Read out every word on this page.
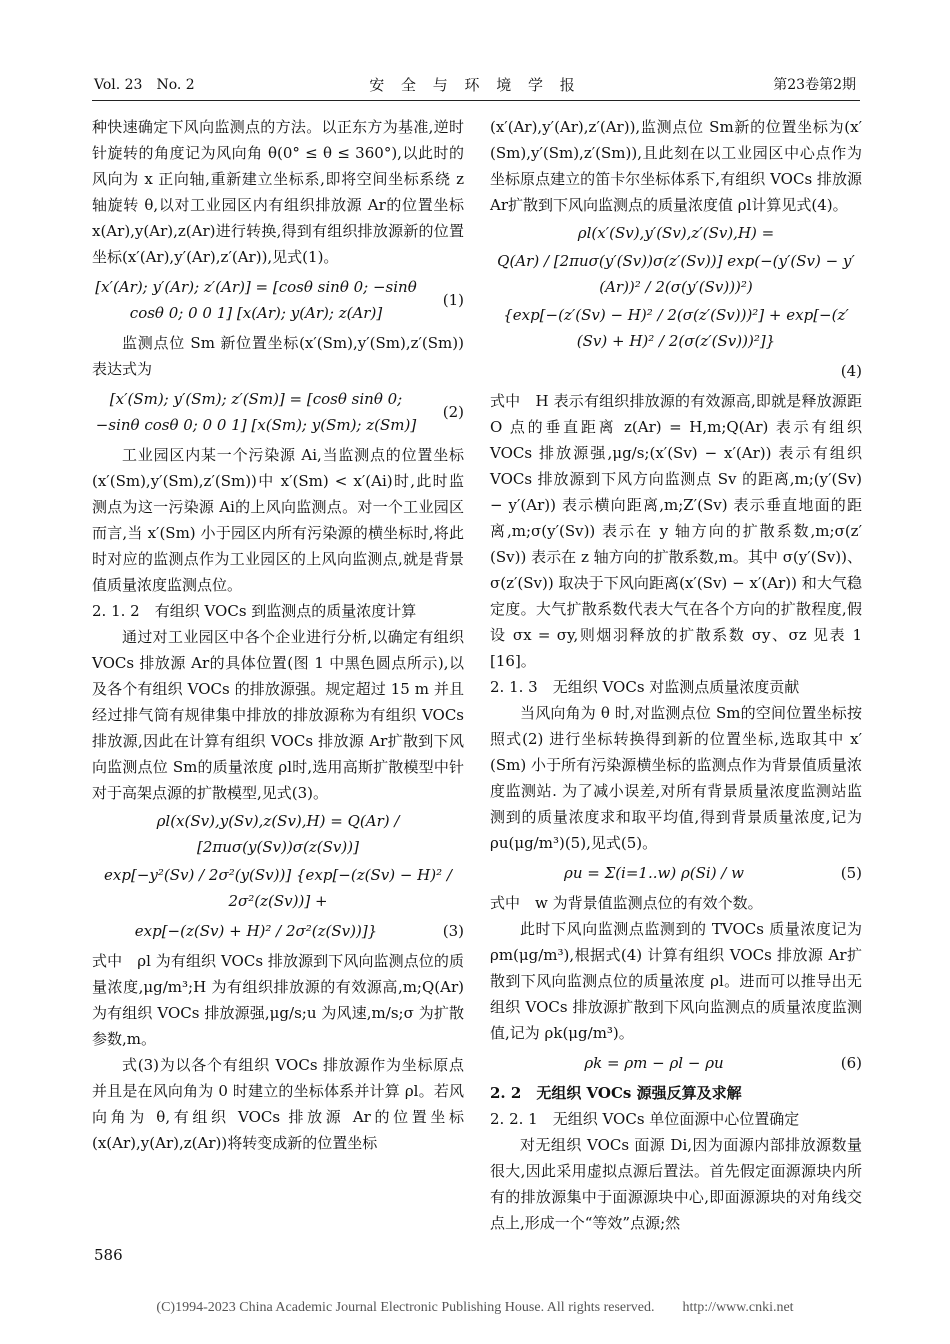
Vol. 23　No. 2	安 全 与 环 境 学 报	第23卷第2期

种快速确定下风向监测点的方法。以正东方为基准,逆时针旋转的角度记为风向角 θ(0° ≤ θ ≤ 360°),以此时的风向为 x 正向轴,重新建立坐标系,即将空间坐标系绕 z 轴旋转 θ,以对工业园区内有组织排放源 Ar的位置坐标 x(Ar),y(Ar),z(Ar)进行转换,得到有组织排放源新的位置坐标(x′(Ar),y′(Ar),z′(Ar)),见式(1)。

[x′(Ar); y′(Ar); z′(Ar)] = [cosθ sinθ 0; −sinθ cosθ 0; 0 0 1] [x(Ar); y(Ar); z(Ar)]
(1)

监测点位 Sm 新位置坐标(x′(Sm),y′(Sm),z′(Sm))表达式为

[x′(Sm); y′(Sm); z′(Sm)] = [cosθ sinθ 0; −sinθ cosθ 0; 0 0 1] [x(Sm); y(Sm); z(Sm)]
(2)

工业园区内某一个污染源 Ai,当监测点的位置坐标(x′(Sm),y′(Sm),z′(Sm))中 x′(Sm) < x′(Ai)时,此时监测点为这一污染源 Ai的上风向监测点。对一个工业园区而言,当 x′(Sm) 小于园区内所有污染源的横坐标时,将此时对应的监测点作为工业园区的上风向监测点,就是背景值质量浓度监测点位。

2. 1. 2　有组织 VOCs 到监测点的质量浓度计算

通过对工业园区中各个企业进行分析,以确定有组织 VOCs 排放源 Ar的具体位置(图 1 中黑色圆点所示),以及各个有组织 VOCs 的排放源强。规定超过 15 m 并且经过排气筒有规律集中排放的排放源称为有组织 VOCs 排放源,因此在计算有组织 VOCs 排放源 Ar扩散到下风向监测点位 Sm的质量浓度 ρl时,选用高斯扩散模型中针对于高架点源的扩散模型,见式(3)。

ρl(x(Sv),y(Sv),z(Sv),H) = Q(Ar) / [2πuσ(y(Sv))σ(z(Sv))]
exp[−y²(Sv) / 2σ²(y(Sv))] {exp[−(z(Sv) − H)² / 2σ²(z(Sv))] +
exp[−(z(Sv) + H)² / 2σ²(z(Sv))]}	(3)

式中　ρl 为有组织 VOCs 排放源到下风向监测点位的质量浓度,μg/m³;H 为有组织排放源的有效源高,m;Q(Ar) 为有组织 VOCs 排放源强,μg/s;u 为风速,m/s;σ 为扩散参数,m。

式(3)为以各个有组织 VOCs 排放源作为坐标原点并且是在风向角为 0 时建立的坐标体系并计算 ρl。若风向角为 θ,有组织 VOCs 排放源 Ar的位置坐标(x(Ar),y(Ar),z(Ar))将转变成新的位置坐标

(x′(Ar),y′(Ar),z′(Ar)),监测点位 Sm新的位置坐标为(x′(Sm),y′(Sm),z′(Sm)),且此刻在以工业园区中心点作为坐标原点建立的笛卡尔坐标体系下,有组织 VOCs 排放源 Ar扩散到下风向监测点的质量浓度值 ρl计算见式(4)。

ρl(x′(Sv),y′(Sv),z′(Sv),H) =
Q(Ar) / [2πuσ(y′(Sv))σ(z′(Sv))] exp(−(y′(Sv) − y′(Ar))² / 2(σ(y′(Sv)))²)
{exp[−(z′(Sv) − H)² / 2(σ(z′(Sv)))²] + exp[−(z′(Sv) + H)² / 2(σ(z′(Sv)))²]}
(4)

式中　H 表示有组织排放源的有效源高,即就是释放源距 O 点的垂直距离 z(Ar) = H,m;Q(Ar) 表示有组织 VOCs 排放源强,μg/s;(x′(Sv) − x′(Ar)) 表示有组织 VOCs 排放源到下风方向监测点 Sv 的距离,m;(y′(Sv) − y′(Ar)) 表示横向距离,m;Z′(Sv) 表示垂直地面的距离,m;σ(y′(Sv)) 表示在 y 轴方向的扩散系数,m;σ(z′(Sv)) 表示在 z 轴方向的扩散系数,m。其中 σ(y′(Sv))、σ(z′(Sv)) 取决于下风向距离(x′(Sv) − x′(Ar)) 和大气稳定度。大气扩散系数代表大气在各个方向的扩散程度,假设 σx = σy,则烟羽释放的扩散系数 σy、σz 见表 1 [16]。

2. 1. 3　无组织 VOCs 对监测点质量浓度贡献

当风向角为 θ 时,对监测点位 Sm的空间位置坐标按照式(2) 进行坐标转换得到新的位置坐标,选取其中 x′(Sm) 小于所有污染源横坐标的监测点作为背景值质量浓度监测站. 为了减小误差,对所有背景质量浓度监测站监测到的质量浓度求和取平均值,得到背景质量浓度,记为 ρu(μg/m³)(5),见式(5)。

ρu = Σ(i=1..w) ρ(Si) / w	(5)

式中　w 为背景值监测点位的有效个数。

此时下风向监测点监测到的 TVOCs 质量浓度记为 ρm(μg/m³),根据式(4) 计算有组织 VOCs 排放源 Ar扩散到下风向监测点位的质量浓度 ρl。进而可以推导出无组织 VOCs 排放源扩散到下风向监测点的质量浓度监测值,记为 ρk(μg/m³)。

ρk = ρm − ρl − ρu	(6)

2. 2　无组织 VOCs 源强反算及求解

2. 2. 1　无组织 VOCs 单位面源中心位置确定

对无组织 VOCs 面源 Di,因为面源内部排放源数量很大,因此采用虚拟点源后置法。首先假定面源源块内所有的排放源集中于面源源块中心,即面源源块的对角线交点上,形成一个“等效”点源;然

586
(C)1994-2023 China Academic Journal Electronic Publishing House. All rights reserved.　　http://www.cnki.net
